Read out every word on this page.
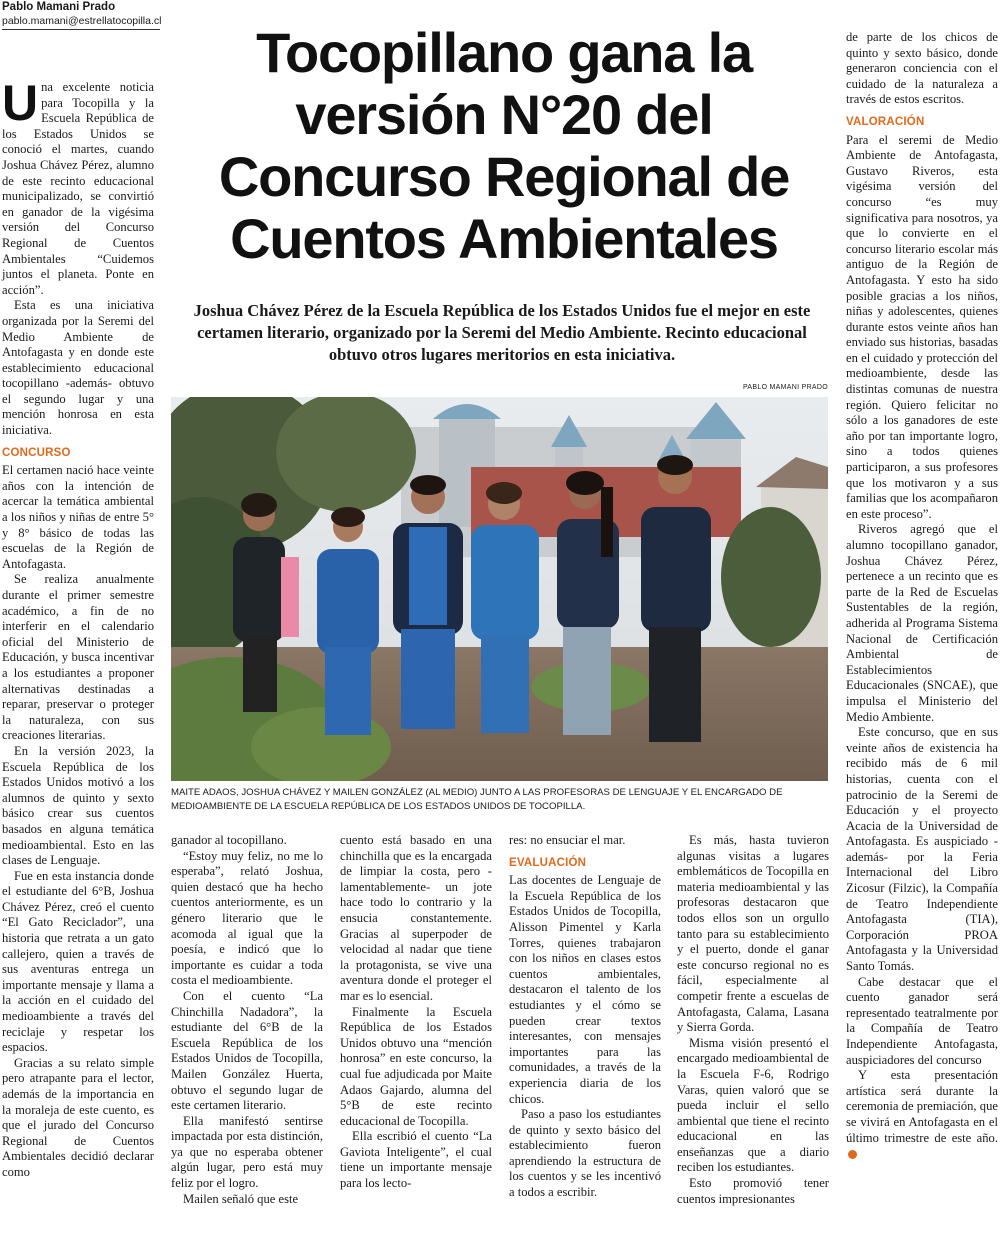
Pablo Mamani Prado
pablo.mamani@estrellatocopilla.cl	Tocopillano gana la versión N°20 del Concurso Regional de Cuentos Ambientales

Joshua Chávez Pérez de la Escuela República de los Estados Unidos fue el mejor en este certamen literario, organizado por la Seremi del Medio Ambiente. Recinto educacional obtuvo otros lugares meritorios en esta iniciativa.

PABLO MAMANI PRADO

MAITE ADAOS, JOSHUA CHÁVEZ Y MAILEN GONZÁLEZ (AL MEDIO) JUNTO A LAS PROFESORAS DE LENGUAJE Y EL ENCARGADO DE MEDIOAMBIENTE DE LA ESCUELA REPÚBLICA DE LOS ESTADOS UNIDOS DE TOCOPILLA.

Una excelente noticia para Tocopilla y la Escuela República de los Estados Unidos se conoció el martes, cuando Joshua Chávez Pérez, alumno de este recinto educacional municipalizado, se convirtió en ganador de la vigésima versión del Concurso Regional de Cuentos Ambientales “Cuidemos juntos el planeta. Ponte en acción”.

Esta es una iniciativa organizada por la Seremi del Medio Ambiente de Antofagasta y en donde este establecimiento educacional tocopillano -además- obtuvo el segundo lugar y una mención honrosa en esta iniciativa.

CONCURSO

El certamen nació hace veinte años con la intención de acercar la temática ambiental a los niños y niñas de entre 5° y 8° básico de todas las escuelas de la Región de Antofagasta.

Se realiza anualmente durante el primer semestre académico, a fin de no interferir en el calendario oficial del Ministerio de Educación, y busca incentivar a los estudiantes a proponer alternativas destinadas a reparar, preservar o proteger la naturaleza, con sus creaciones literarias.

En la versión 2023, la Escuela República de los Estados Unidos motivó a los alumnos de quinto y sexto básico crear sus cuentos basados en alguna temática medioambiental. Esto en las clases de Lenguaje.

Fue en esta instancia donde el estudiante del 6°B, Joshua Chávez Pérez, creó el cuento “El Gato Reciclador”, una historia que retrata a un gato callejero, quien a través de sus aventuras entrega un importante mensaje y llama a la acción en el cuidado del medioambiente a través del reciclaje y respetar los espacios.

Gracias a su relato simple pero atrapante para el lector, además de la importancia en la moraleja de este cuento, es que el jurado del Concurso Regional de Cuentos Ambientales decidió declarar como

ganador al tocopillano.

“Estoy muy feliz, no me lo esperaba”, relató Joshua, quien destacó que ha hecho cuentos anteriormente, es un género literario que le acomoda al igual que la poesía, e indicó que lo importante es cuidar a toda costa el medioambiente.

Con el cuento “La Chinchilla Nadadora”, la estudiante del 6°B de la Escuela República de los Estados Unidos de Tocopilla, Mailen González Huerta, obtuvo el segundo lugar de este certamen literario.

Ella manifestó sentirse impactada por esta distinción, ya que no esperaba obtener algún lugar, pero está muy feliz por el logro.

Mailen señaló que este

cuento está basado en una chinchilla que es la encargada de limpiar la costa, pero -lamentablemente- un jote hace todo lo contrario y la ensucia constantemente. Gracias al superpoder de velocidad al nadar que tiene la protagonista, se vive una aventura donde el proteger el mar es lo esencial.

Finalmente la Escuela República de los Estados Unidos obtuvo una “mención honrosa” en este concurso, la cual fue adjudicada por Maite Adaos Gajardo, alumna del 5°B de este recinto educacional de Tocopilla.

Ella escribió el cuento “La Gaviota Inteligente”, el cual tiene un importante mensaje para los lecto-

res: no ensuciar el mar.

EVALUACIÓN

Las docentes de Lenguaje de la Escuela República de los Estados Unidos de Tocopilla, Alisson Pimentel y Karla Torres, quienes trabajaron con los niños en clases estos cuentos ambientales, destacaron el talento de los estudiantes y el cómo se pueden crear textos interesantes, con mensajes importantes para las comunidades, a través de la experiencia diaria de los chicos.

Paso a paso los estudiantes de quinto y sexto básico del establecimiento fueron aprendiendo la estructura de los cuentos y se les incentivó a todos a escribir.

Es más, hasta tuvieron algunas visitas a lugares emblemáticos de Tocopilla en materia medioambiental y las profesoras destacaron que todos ellos son un orgullo tanto para su establecimiento y el puerto, donde el ganar este concurso regional no es fácil, especialmente al competir frente a escuelas de Antofagasta, Calama, Lasana y Sierra Gorda.

Misma visión presentó el encargado medioambiental de la Escuela F-6, Rodrigo Varas, quien valoró que se pueda incluir el sello ambiental que tiene el recinto educacional en las enseñanzas que a diario reciben los estudiantes.

Esto promovió tener cuentos impresionantes

de parte de los chicos de quinto y sexto básico, donde generaron conciencia con el cuidado de la naturaleza a través de estos escritos.

VALORACIÓN

Para el seremi de Medio Ambiente de Antofagasta, Gustavo Riveros, esta vigésima versión del concurso “es muy significativa para nosotros, ya que lo convierte en el concurso literario escolar más antiguo de la Región de Antofagasta. Y esto ha sido posible gracias a los niños, niñas y adolescentes, quienes durante estos veinte años han enviado sus historias, basadas en el cuidado y protección del medioambiente, desde las distintas comunas de nuestra región. Quiero felicitar no sólo a los ganadores de este año por tan importante logro, sino a todos quienes participaron, a sus profesores que los motivaron y a sus familias que los acompañaron en este proceso”.

Riveros agregó que el alumno tocopillano ganador, Joshua Chávez Pérez, pertenece a un recinto que es parte de la Red de Escuelas Sustentables de la región, adherida al Programa Sistema Nacional de Certificación Ambiental de Establecimientos Educacionales (SNCAE), que impulsa el Ministerio del Medio Ambiente.

Este concurso, que en sus veinte años de existencia ha recibido más de 6 mil historias, cuenta con el patrocinio de la Seremi de Educación y el proyecto Acacia de la Universidad de Antofagasta. Es auspiciado -además- por la Feria Internacional del Libro Zicosur (Filzic), la Compañía de Teatro Independiente Antofagasta (TIA), Corporación PROA Antofagasta y la Universidad Santo Tomás.

Cabe destacar que el cuento ganador será representado teatralmente por la Compañía de Teatro Independiente Antofagasta, auspiciadores del concurso

Y esta presentación artística será durante la ceremonia de premiación, que se vivirá en Antofagasta en el último trimestre de este año.✚
